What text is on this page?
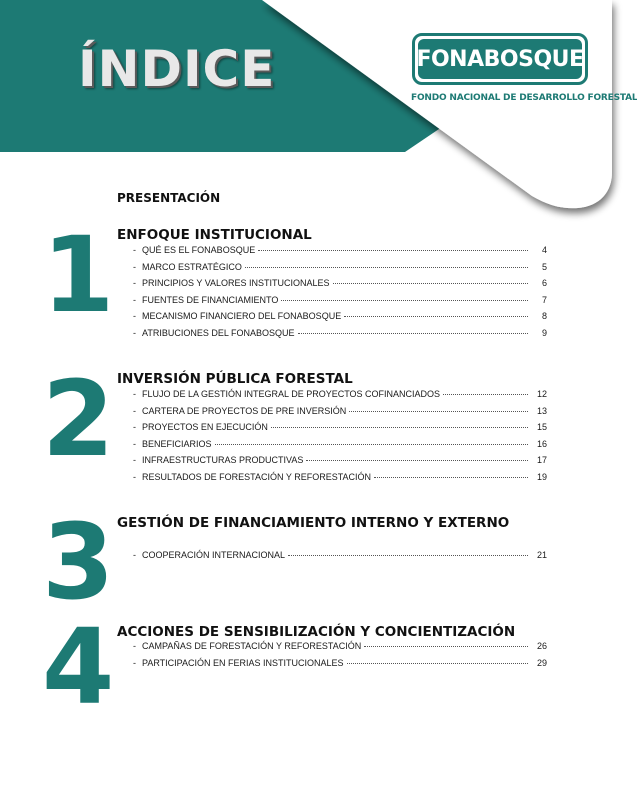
ÍNDICE	FONABOSQUE
FONDO NACIONAL DE DESARROLLO FORESTAL
PRESENTACIÓN
1 ENFOQUE INSTITUCIONAL
- QUÉ ES EL FONABOSQUE	4
- MARCO ESTRATÉGICO	5
- PRINCIPIOS Y VALORES INSTITUCIONALES	6
- FUENTES DE FINANCIAMIENTO	7
- MECANISMO FINANCIERO DEL FONABOSQUE	8
- ATRIBUCIONES DEL FONABOSQUE	9
2 INVERSIÓN PÚBLICA FORESTAL
- FLUJO DE LA GESTIÓN INTEGRAL DE PROYECTOS COFINANCIADOS	12
- CARTERA DE PROYECTOS DE PRE INVERSIÓN	13
- PROYECTOS EN EJECUCIÓN	15
- BENEFICIARIOS	16
- INFRAESTRUCTURAS PRODUCTIVAS	17
- RESULTADOS DE FORESTACIÓN Y REFORESTACIÓN	19
3 GESTIÓN DE FINANCIAMIENTO INTERNO Y EXTERNO
- COOPERACIÓN INTERNACIONAL	21
4 ACCIONES DE SENSIBILIZACIÓN Y CONCIENTIZACIÓN
- CAMPAÑAS DE FORESTACIÓN Y REFORESTACIÓN	26
- PARTICIPACIÓN EN FERIAS INSTITUCIONALES	29
